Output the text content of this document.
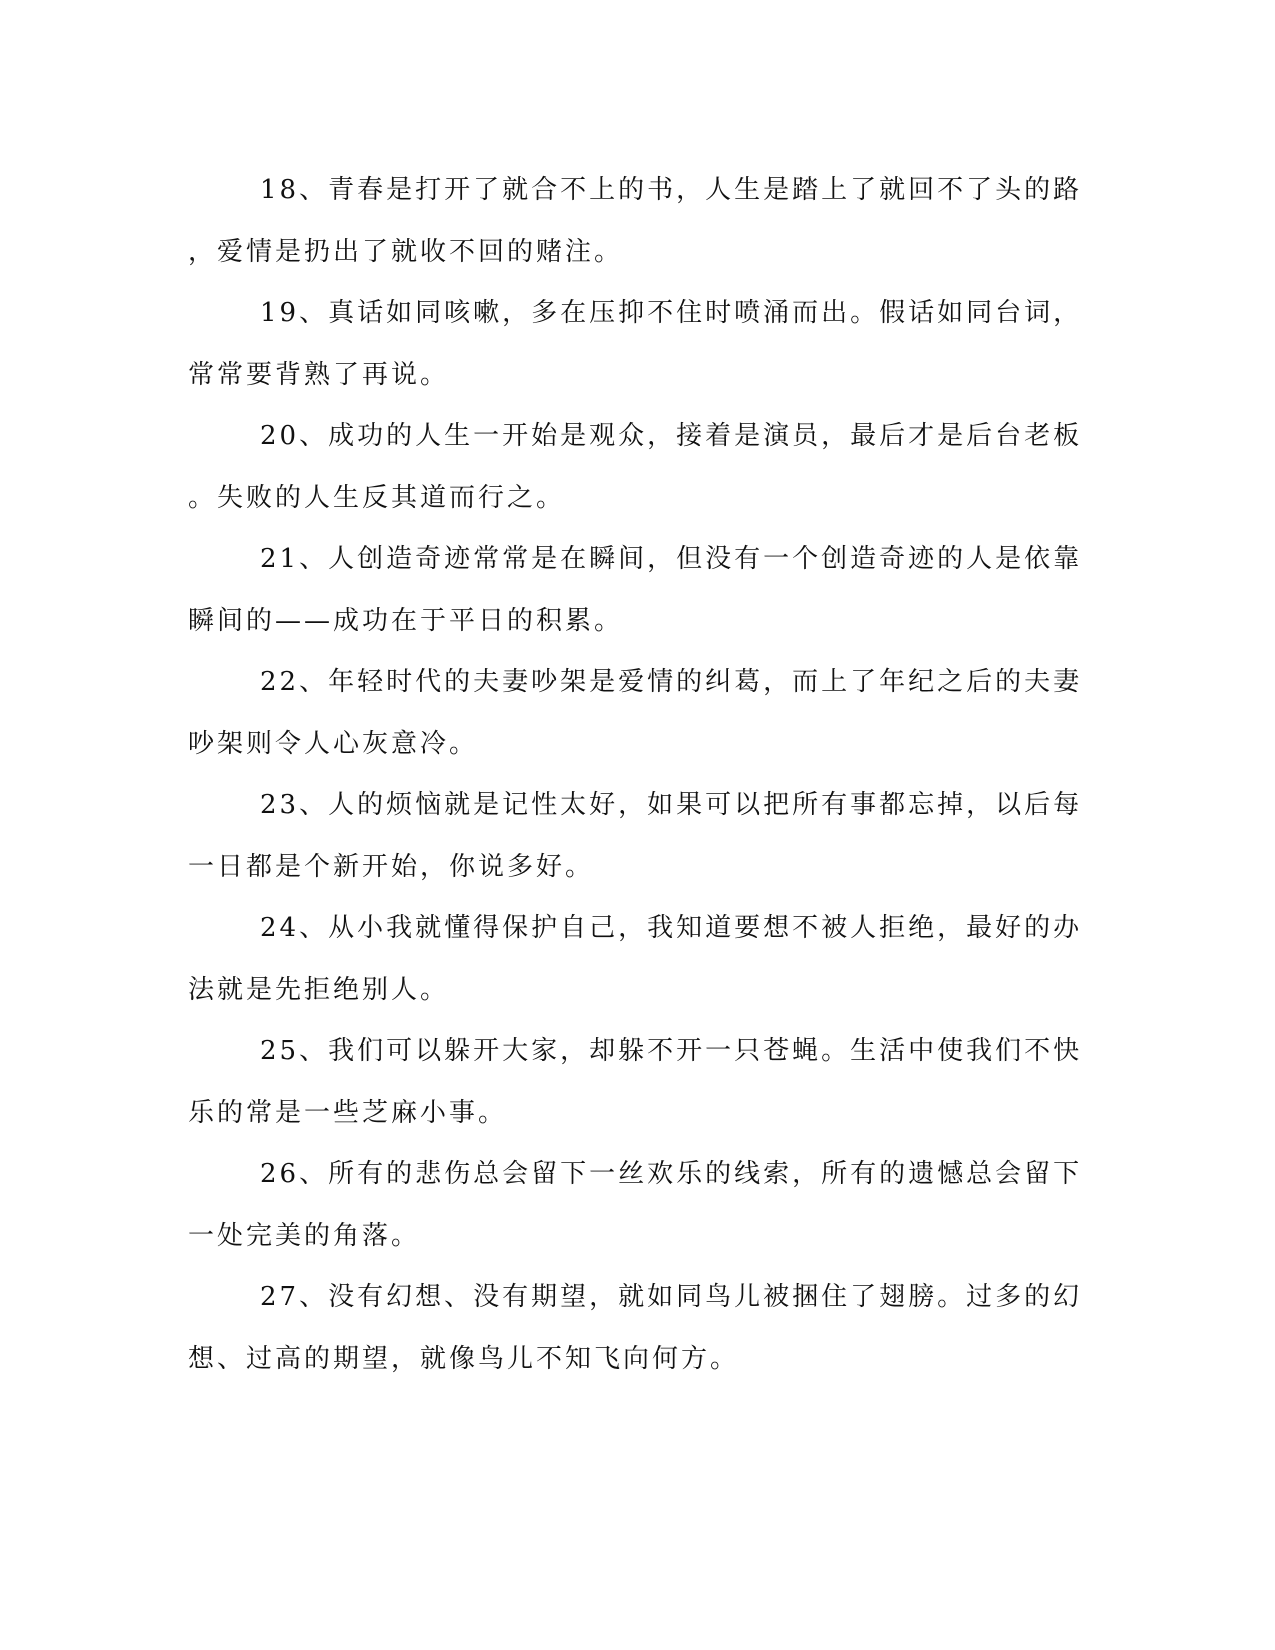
18、青春是打开了就合不上的书，人生是踏上了就回不了头的路
，爱情是扔出了就收不回的赌注。

19、真话如同咳嗽，多在压抑不住时喷涌而出。假话如同台词，
常常要背熟了再说。

20、成功的人生一开始是观众，接着是演员，最后才是后台老板
。失败的人生反其道而行之。

21、人创造奇迹常常是在瞬间，但没有一个创造奇迹的人是依靠
瞬间的——成功在于平日的积累。

22、年轻时代的夫妻吵架是爱情的纠葛，而上了年纪之后的夫妻
吵架则令人心灰意冷。

23、人的烦恼就是记性太好，如果可以把所有事都忘掉，以后每
一日都是个新开始，你说多好。

24、从小我就懂得保护自己，我知道要想不被人拒绝，最好的办
法就是先拒绝别人。

25、我们可以躲开大家，却躲不开一只苍蝇。生活中使我们不快
乐的常是一些芝麻小事。

26、所有的悲伤总会留下一丝欢乐的线索，所有的遗憾总会留下
一处完美的角落。

27、没有幻想、没有期望，就如同鸟儿被捆住了翅膀。过多的幻
想、过高的期望，就像鸟儿不知飞向何方。
